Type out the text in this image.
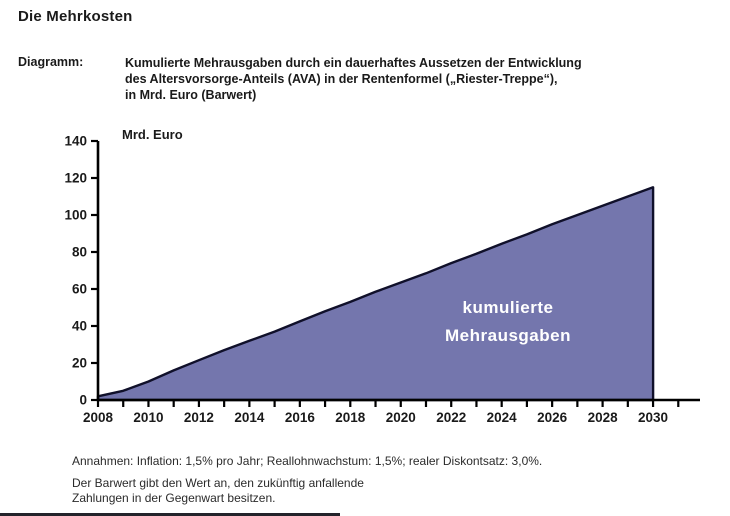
Die Mehrkosten
Diagramm:	Kumulierte Mehrausgaben durch ein dauerhaftes Aussetzen der Entwicklung
des Altersvorsorge-Anteils (AVA) in der Rentenformel („Riester-Treppe“),
in Mrd. Euro (Barwert)
0
20
40
60
80
100
120
140
2008 2010 2012 2014 2016 2018 2020 2022 2024 2026 2028 2030
Mrd. Euro
kumulierte
Mehrausgaben
Annahmen: Inflation: 1,5% pro Jahr; Reallohnwachstum: 1,5%; realer Diskontsatz: 3,0%.
Der Barwert gibt den Wert an, den zukünftig anfallende
Zahlungen in der Gegenwart besitzen.
